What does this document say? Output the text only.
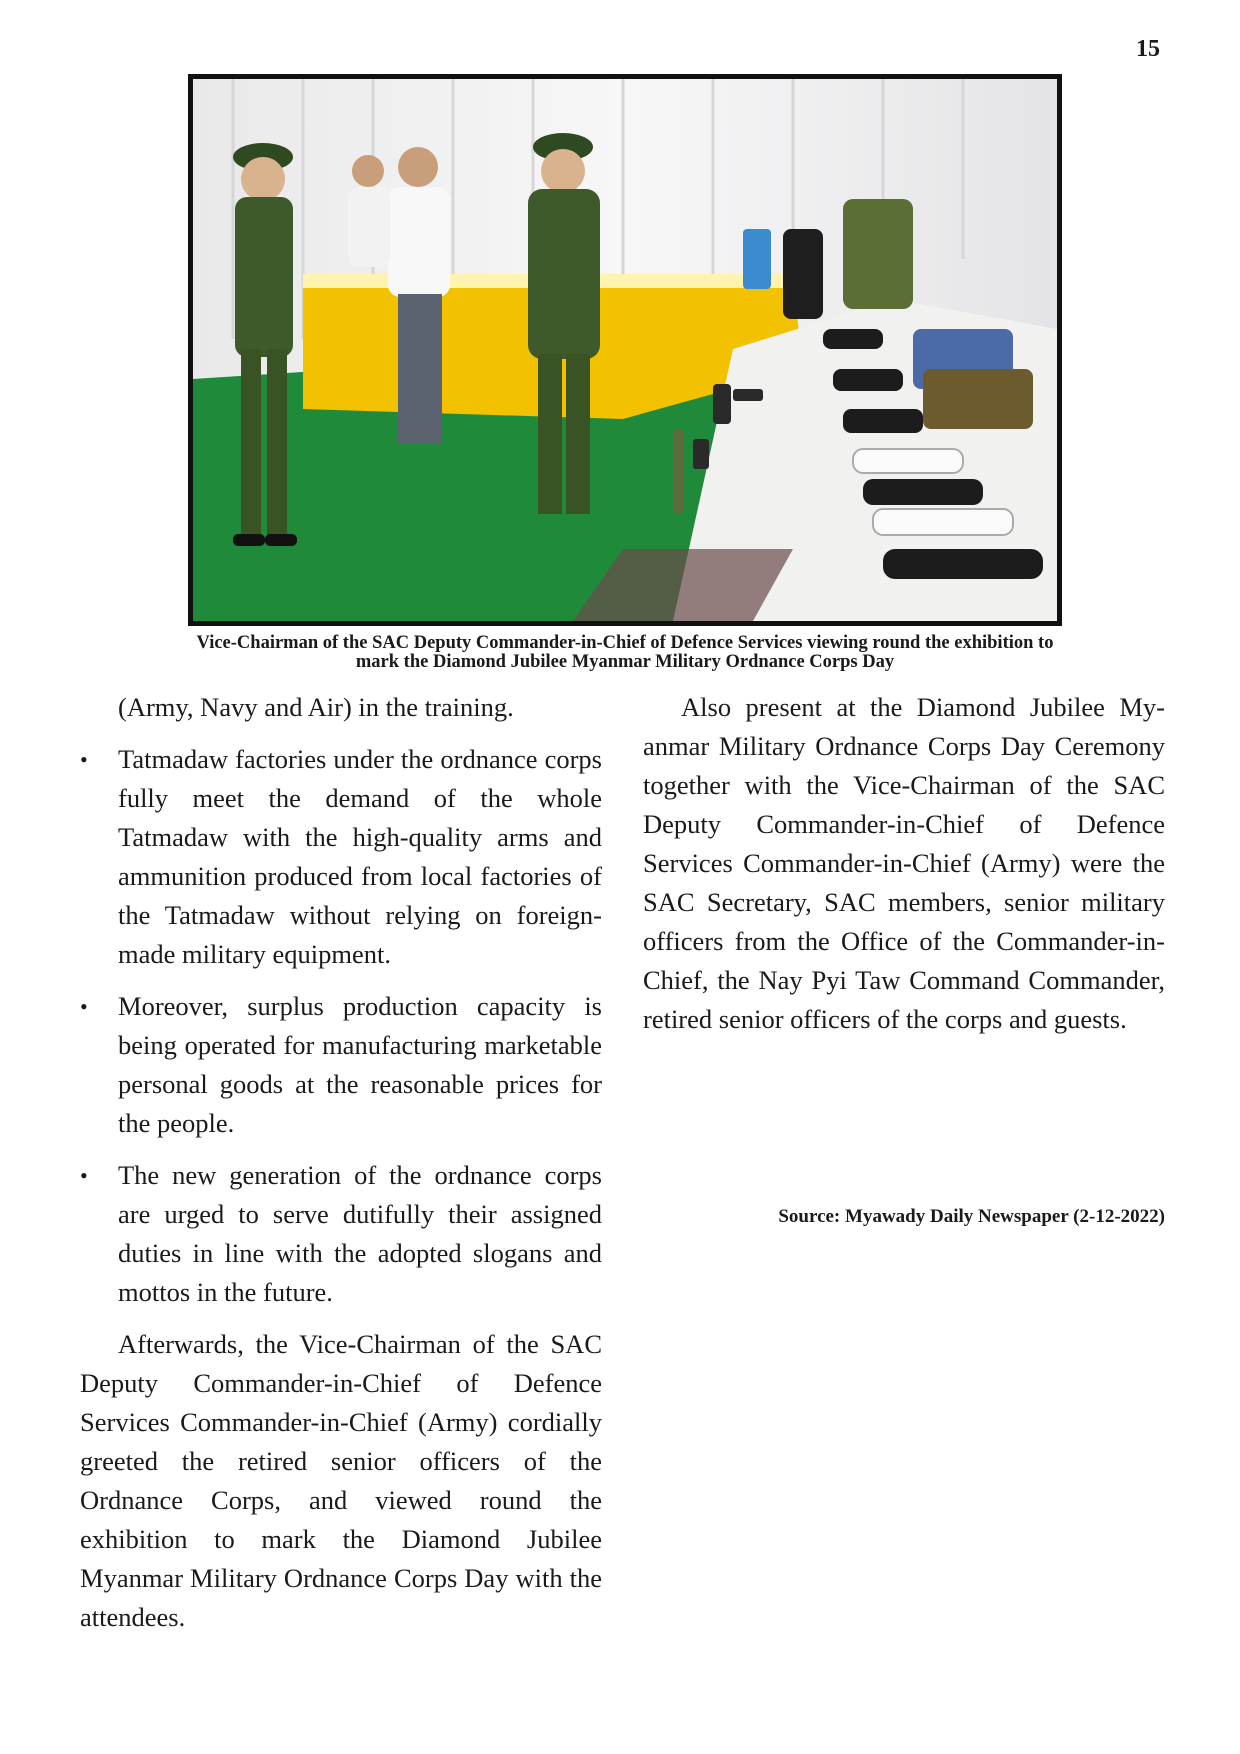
15
Vice-Chairman of the SAC Deputy Commander-in-Chief of Defence Services viewing round the exhibition to
mark the Diamond Jubilee Myanmar Military Ordnance Corps Day

(Army, Navy and Air) in the training.

• Tatmadaw factories under the ordnance corps fully meet the demand of the whole Tatmadaw with the high-quality arms and ammunition produced from local factories of the Tatmadaw without relying on foreign-made military equipment.
• Moreover, surplus production capacity is being operated for manufacturing marketable personal goods at the reasonable prices for the people.
• The new generation of the ordnance corps are urged to serve dutifully their assigned duties in line with the adopted slogans and mottos in the future.

Afterwards, the Vice-Chairman of the SAC Deputy Commander-in-Chief of Defence Services Commander-in-Chief (Army) cordially greeted the retired senior officers of the Ordnance Corps, and viewed round the exhibition to mark the Diamond Jubilee Myanmar Military Ordnance Corps Day with the attendees.

Also present at the Diamond Jubilee Myanmar Military Ordnance Corps Day Ceremony together with the Vice-Chairman of the SAC Deputy Commander-in-Chief of Defence Services Commander-in-Chief (Army) were the SAC Secretary, SAC members, senior military officers from the Office of the Commander-in-Chief, the Nay Pyi Taw Command Commander, retired senior officers of the corps and guests.

Source: Myawady Daily Newspaper (2-12-2022)
